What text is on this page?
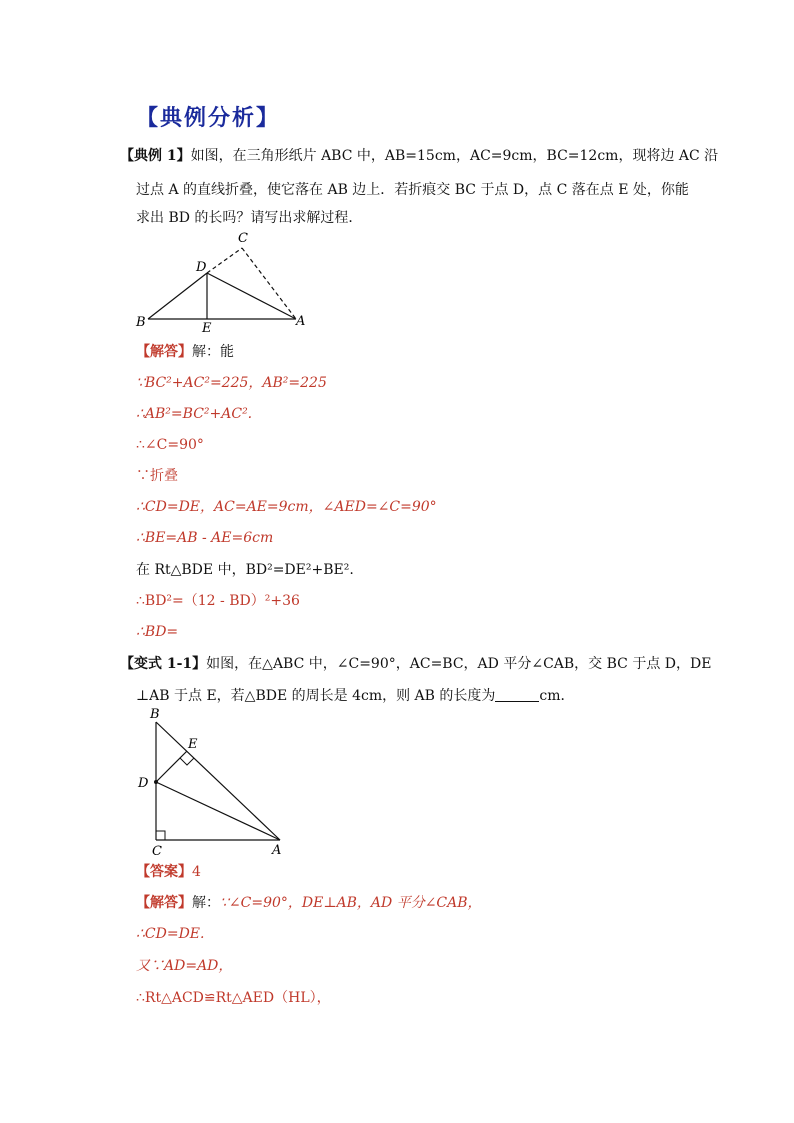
【典例分析】
【典例 1】如图，在三角形纸片 ABC 中，AB=15cm，AC=9cm，BC=12cm，现将边 AC 沿
过点 A 的直线折叠，使它落在 AB 边上．若折痕交 BC 于点 D，点 C 落在点 E 处，你能
求出 BD 的长吗？请写出求解过程．
C
D
B	E	A
【解答】解：能
∵BC²+AC²=225，AB²=225
∴AB²=BC²+AC².
∴∠C=90°
∵折叠
∴CD=DE，AC=AE=9cm，∠AED=∠C=90°
∴BE=AB - AE=6cm
在 Rt△BDE 中，BD²=DE²+BE².
∴BD²=（12 - BD）²+36
∴BD=
【变式 1-1】如图，在△ABC 中，∠C=90°，AC=BC，AD 平分∠CAB，交 BC 于点 D，DE
⊥AB 于点 E，若△BDE 的周长是 4cm，则 AB 的长度为	cm．
B
E
D
C	A
【答案】4
【解答】解：∵∠C=90°，DE⊥AB，AD 平分∠CAB，
∴CD=DE.
又∵AD=AD，
∴Rt△ACD≌Rt△AED（HL），
